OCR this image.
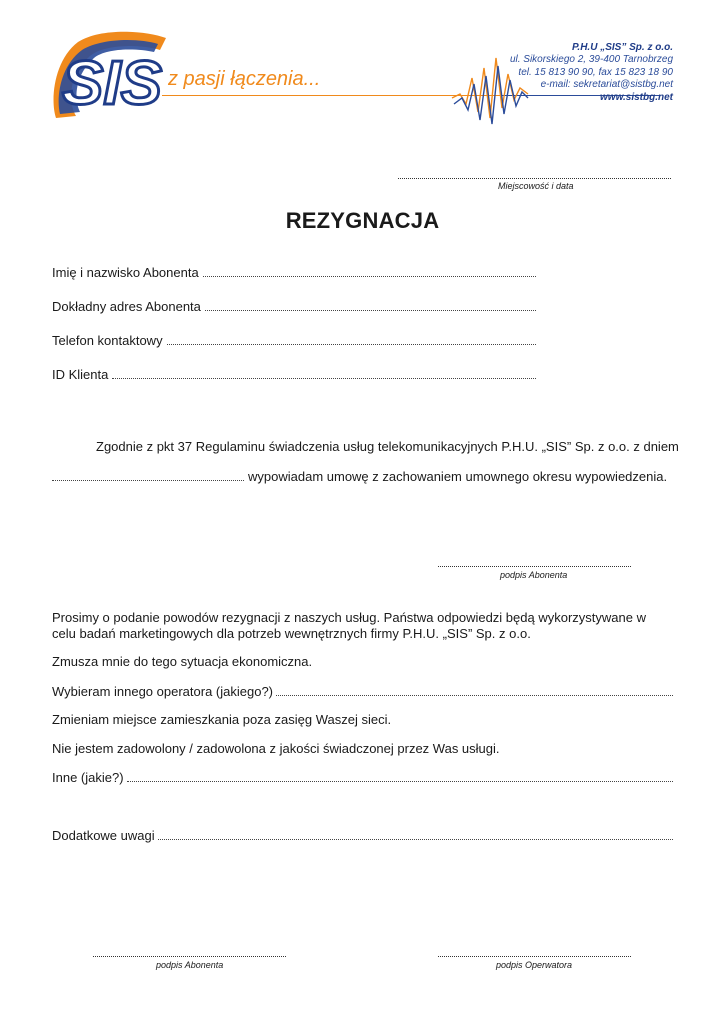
SIS z pasji łączenia...
P.H.U „SIS” Sp. z o.o.
ul. Sikorskiego 2, 39-400 Tarnobrzeg
tel. 15 813 90 90, fax 15 823 18 90
e-mail: sekretariat@sistbg.net
www.sistbg.net
Miejscowość i data
REZYGNACJA
Imię i nazwisko Abonenta
Dokładny adres Abonenta
Telefon kontaktowy
ID Klienta
Zgodnie z pkt 37 Regulaminu świadczenia usług telekomunikacyjnych P.H.U. „SIS” Sp. z o.o. z dniem
wypowiadam umowę z zachowaniem umownego okresu wypowiedzenia.
podpis Abonenta
Prosimy o podanie powodów rezygnacji z naszych usług. Państwa odpowiedzi będą wykorzystywane w celu badań marketingowych dla potrzeb wewnętrznych firmy P.H.U. „SIS” Sp. z o.o.
Zmusza mnie do tego sytuacja ekonomiczna.
Wybieram innego operatora (jakiego?)
Zmieniam miejsce zamieszkania poza zasięg Waszej sieci.
Nie jestem zadowolony / zadowolona z jakości świadczonej przez Was usługi.
Inne (jakie?)
Dodatkowe uwagi
podpis Abonenta	podpis Operwatora
